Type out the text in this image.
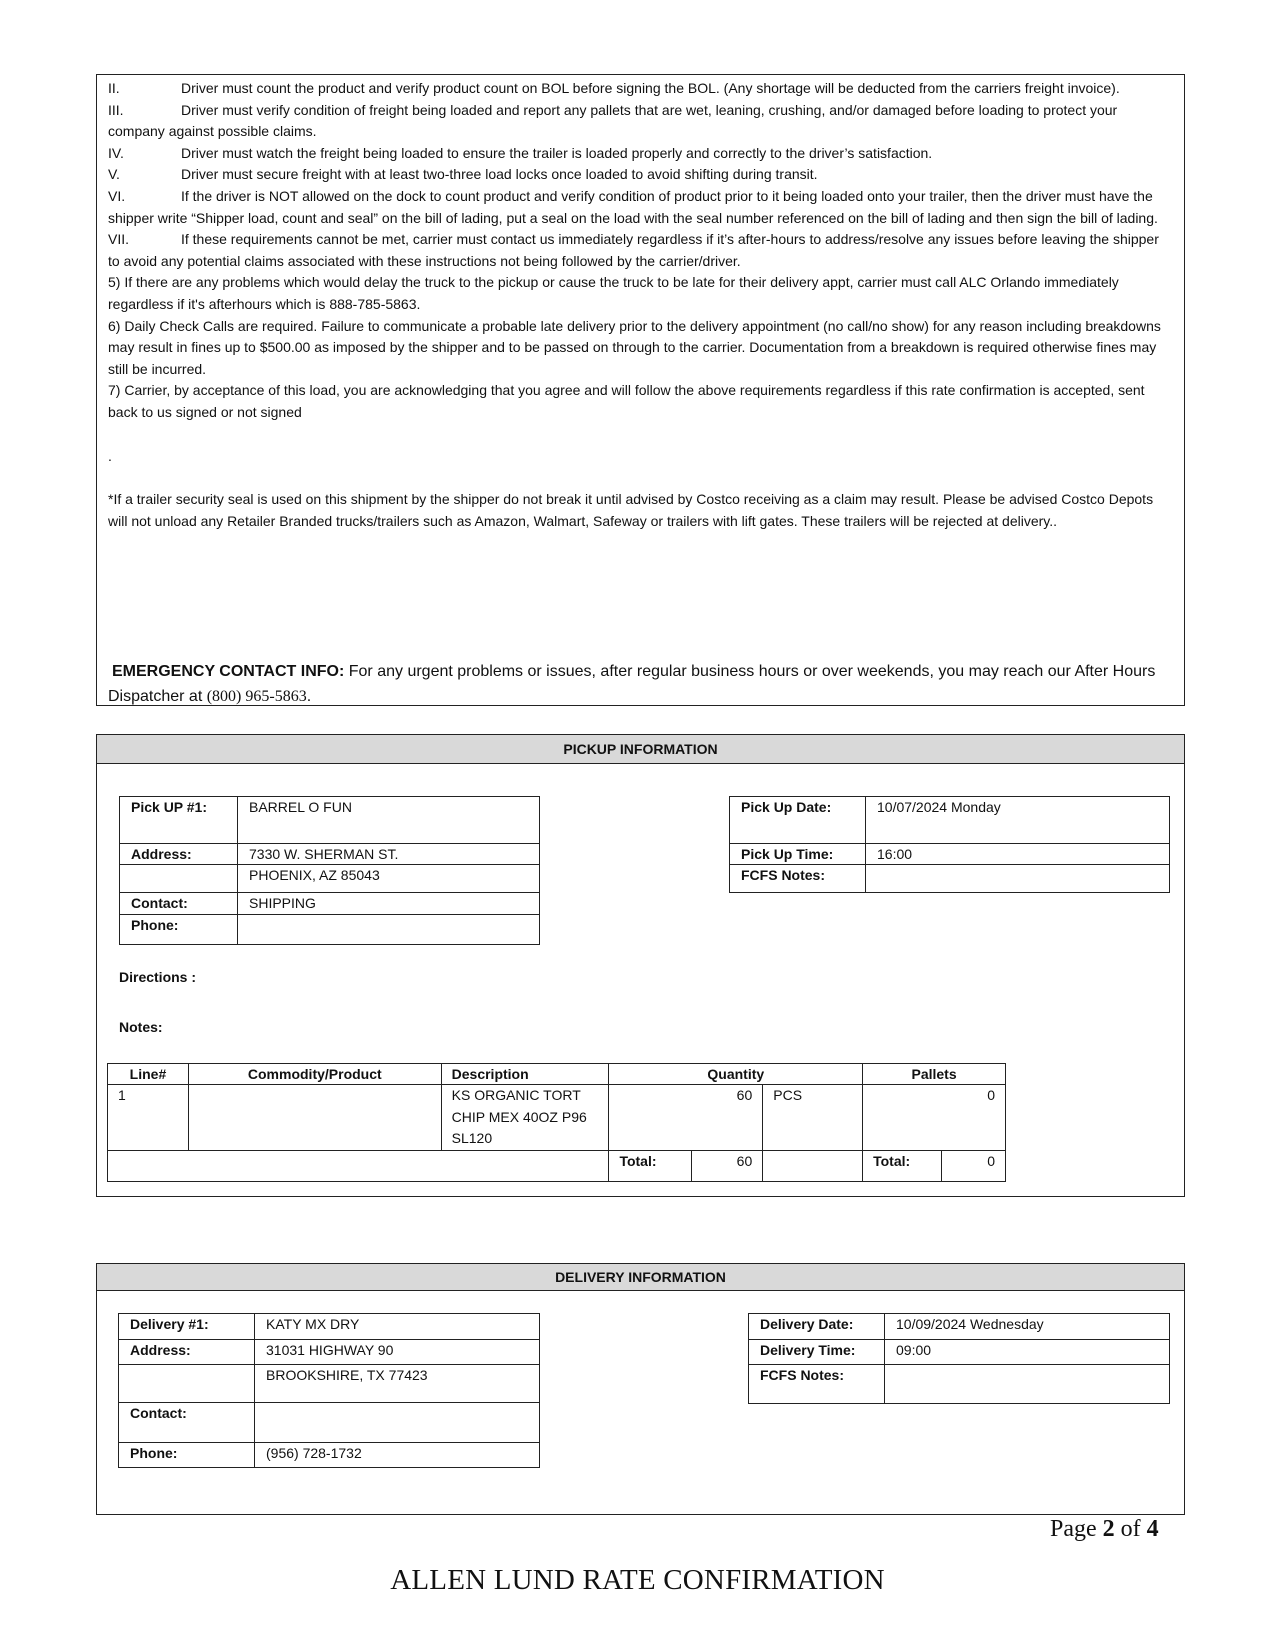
II.	Driver must count the product and verify product count on BOL before signing the BOL. (Any shortage will be deducted from the carriers freight invoice).

III.	Driver must verify condition of freight being loaded and report any pallets that are wet, leaning, crushing, and/or damaged before loading to protect your company against possible claims.

IV.	Driver must watch the freight being loaded to ensure the trailer is loaded properly and correctly to the driver’s satisfaction.

V.	Driver must secure freight with at least two-three load locks once loaded to avoid shifting during transit.

VI.	If the driver is NOT allowed on the dock to count product and verify condition of product prior to it being loaded onto your trailer, then the driver must have the shipper write “Shipper load, count and seal” on the bill of lading, put a seal on the load with the seal number referenced on the bill of lading and then sign the bill of lading.

VII.	If these requirements cannot be met, carrier must contact us immediately regardless if it’s after-hours to address/resolve any issues before leaving the shipper to avoid any potential claims associated with these instructions not being followed by the carrier/driver.

5) If there are any problems which would delay the truck to the pickup or cause the truck to be late for their delivery appt, carrier must call ALC Orlando immediately regardless if it's afterhours which is 888-785-5863.

6) Daily Check Calls are required. Failure to communicate a probable late delivery prior to the delivery appointment (no call/no show) for any reason including breakdowns may result in fines up to $500.00 as imposed by the shipper and to be passed on through to the carrier. Documentation from a breakdown is required otherwise fines may still be incurred.

7) Carrier, by acceptance of this load, you are acknowledging that you agree and will follow the above requirements regardless if this rate confirmation is accepted, sent back to us signed or not signed

.

*If a trailer security seal is used on this shipment by the shipper do not break it until advised by Costco receiving as a claim may result. Please be advised Costco Depots will not unload any Retailer Branded trucks/trailers such as Amazon, Walmart, Safeway or trailers with lift gates. These trailers will be rejected at delivery..

EMERGENCY CONTACT INFO: For any urgent problems or issues, after regular business hours or over weekends, you may reach our After Hours Dispatcher at (800) 965-5863.
PICKUP INFORMATION
Pick UP #1:	BARREL O FUN
Address:	7330 W. SHERMAN ST.
	PHOENIX, AZ 85043
Contact:	SHIPPING
Phone:	
Pick Up Date:	10/07/2024 Monday
Pick Up Time:	16:00
FCFS Notes:	
Directions :
Notes:
Line#	Commodity/Product	Description	Quantity			Pallets	
1		KS ORGANIC TORT CHIP MEX 40OZ P96 SL120	60		PCS	0	
			Total:	60		Total:	0
DELIVERY INFORMATION
Delivery #1:	KATY MX DRY
Address:	31031 HIGHWAY 90
	BROOKSHIRE, TX 77423
Contact:	
Phone:	(956) 728-1732
Delivery Date:	10/09/2024 Wednesday
Delivery Time:	09:00
FCFS Notes:	
Page 2 of 4
ALLEN LUND RATE CONFIRMATION
